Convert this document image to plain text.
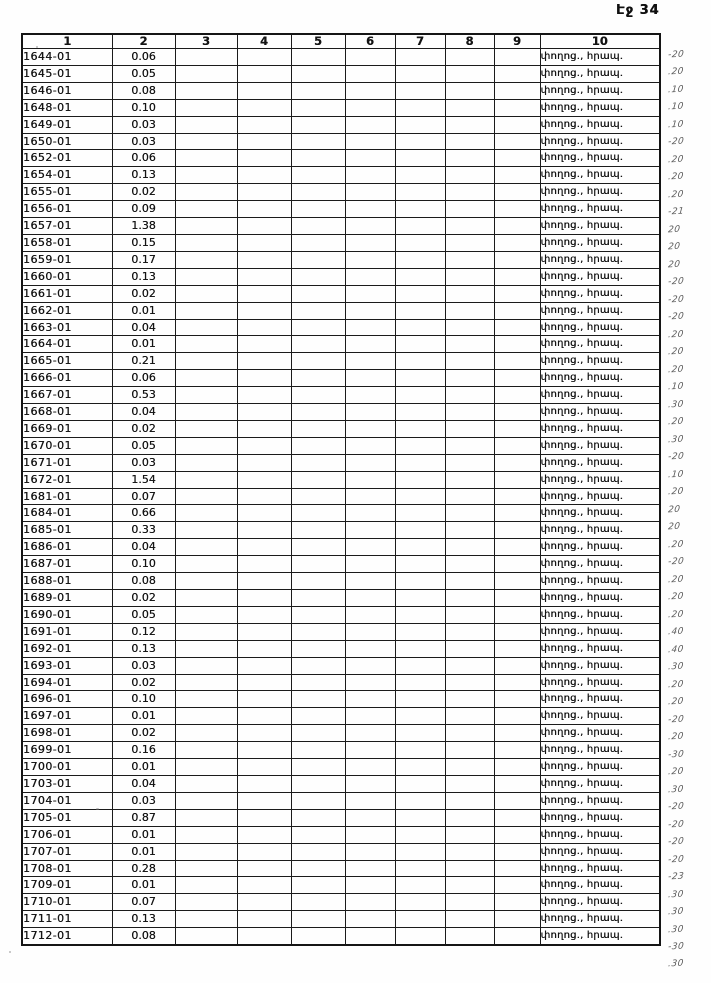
Էջ 34
1	2	3	4	5	6	7	8	9	10
1644-01	0.06								փողոց., հրապ.
1645-01	0.05								փողոց., հրապ.
1646-01	0.08								փողոց., հրապ.
1648-01	0.10								փողոց., հրապ.
1649-01	0.03								փողոց., հրապ.
1650-01	0.03								փողոց., հրապ.
1652-01	0.06								փողոց., հրապ.
1654-01	0.13								փողոց., հրապ.
1655-01	0.02								փողոց., հրապ.
1656-01	0.09								փողոց., հրապ.
1657-01	1.38								փողոց., հրապ.
1658-01	0.15								փողոց., հրապ.
1659-01	0.17								փողոց., հրապ.
1660-01	0.13								փողոց., հրապ.
1661-01	0.02								փողոց., հրապ.
1662-01	0.01								փողոց., հրապ.
1663-01	0.04								փողոց., հրապ.
1664-01	0.01								փողոց., հրապ.
1665-01	0.21								փողոց., հրապ.
1666-01	0.06								փողոց., հրապ.
1667-01	0.53								փողոց., հրապ.
1668-01	0.04								փողոց., հրապ.
1669-01	0.02								փողոց., հրապ.
1670-01	0.05								փողոց., հրապ.
1671-01	0.03								փողոց., հրապ.
1672-01	1.54								փողոց., հրապ.
1681-01	0.07								փողոց., հրապ.
1684-01	0.66								փողոց., հրապ.
1685-01	0.33								փողոց., հրապ.
1686-01	0.04								փողոց., հրապ.
1687-01	0.10								փողոց., հրապ.
1688-01	0.08								փողոց., հրապ.
1689-01	0.02								փողոց., հրապ.
1690-01	0.05								փողոց., հրապ.
1691-01	0.12								փողոց., հրապ.
1692-01	0.13								փողոց., հրապ.
1693-01	0.03								փողոց., հրապ.
1694-01	0.02								փողոց., հրապ.
1696-01	0.10								փողոց., հրապ.
1697-01	0.01								փողոց., հրապ.
1698-01	0.02								փողոց., հրապ.
1699-01	0.16								փողոց., հրապ.
1700-01	0.01								փողոց., հրապ.
1703-01	0.04								փողոց., հրապ.
1704-01	0.03								փողոց., հրապ.
1705-01	0.87								փողոց., հրապ.
1706-01	0.01								փողոց., հրապ.
1707-01	0.01								փողոց., հրապ.
1708-01	0.28								փողոց., հրապ.
1709-01	0.01								փողոց., հրապ.
1710-01	0.07								փողոց., հրապ.
1711-01	0.13								փողոց., հրապ.
1712-01	0.08								փողոց., հրապ.
-20
.20
.10
.10
.10
-20
.20
.20
.20
-21
20
20
20
-20
-20
-20
.20
.20
.20
.10
.30
.20
.30
-20
.10
.20
20
20
.20
-20
.20
.20
.20
.40
.40
.30
.20
.20
-20
.20
-30
.20
.30
-20
-20
-20
-20
-23
.30
.30
.30
-30
.30
